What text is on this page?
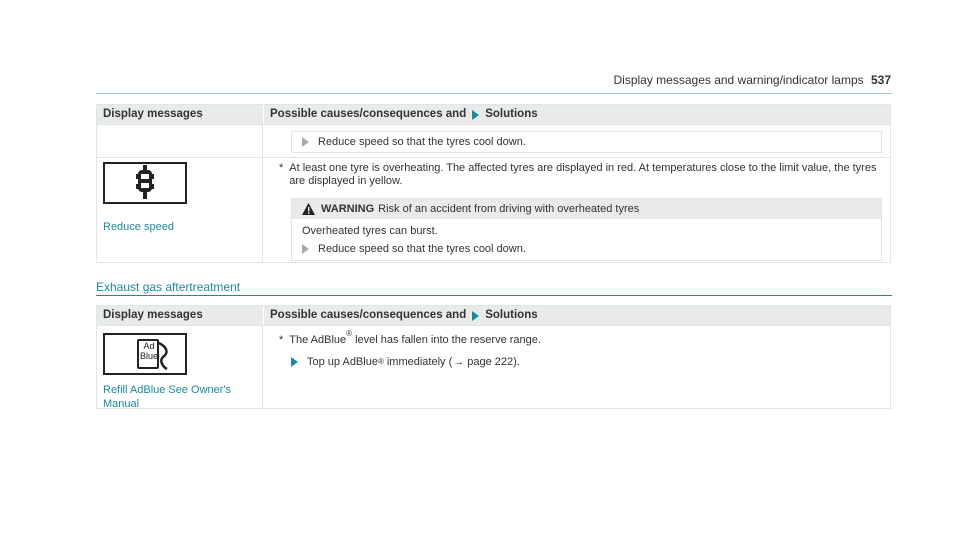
Display messages and warning/indicator lamps 537
Display messages	Possible causes/consequences and Solutions
Reduce speed so that the tyres cool down.
Reduce speed
* At least one tyre is overheating. The affected tyres are displayed in red. At temperatures close to the limit value, the tyres are displayed in yellow.
WARNING Risk of an accident from driving with overheated tyres
Overheated tyres can burst.
Reduce speed so that the tyres cool down.
Exhaust gas aftertreatment
Display messages	Possible causes/consequences and Solutions
Ad
Blue
Refill AdBlue See Owner's Manual
* The AdBlue
®
level has fallen into the reserve range.
Top up AdBlue ® immediately ( → page 222).
